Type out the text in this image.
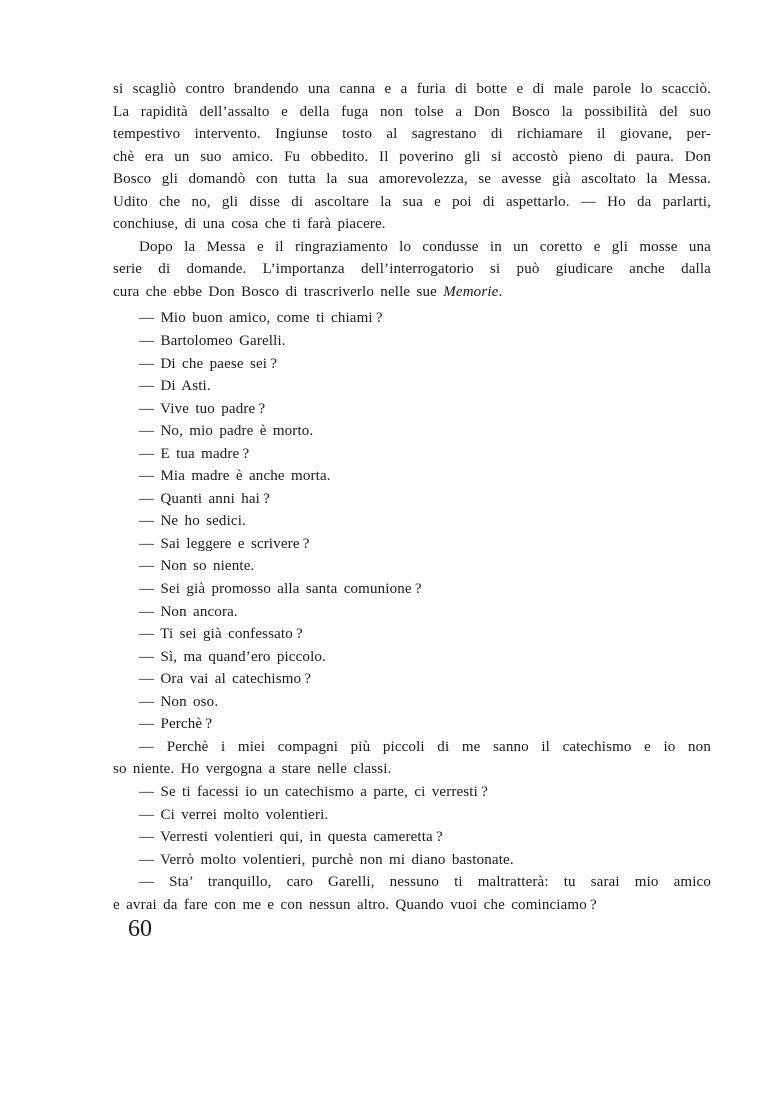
si scagliò contro brandendo una canna e a furia di botte e di male parole lo scacciò.
La rapidità dell’assalto e della fuga non tolse a Don Bosco la possibilità del suo
tempestivo intervento. Ingiunse tosto al sagrestano di richiamare il giovane, per-
chè era un suo amico. Fu obbedito. Il poverino gli si accostò pieno di paura. Don
Bosco gli domandò con tutta la sua amorevolezza, se avesse già ascoltato la Messa.
Udito che no, gli disse di ascoltare la sua e poi di aspettarlo. — Ho da parlarti,
conchiuse, di una cosa che ti farà piacere.
Dopo la Messa e il ringraziamento lo condusse in un coretto e gli mosse una
serie di domande. L’importanza dell’interrogatorio si può giudicare anche dalla
cura che ebbe Don Bosco di trascriverlo nelle sue Memorie.
— Mio buon amico, come ti chiami ?
— Bartolomeo Garelli.
— Di che paese sei ?
— Di Asti.
— Vive tuo padre ?
— No, mio padre è morto.
— E tua madre ?
— Mia madre è anche morta.
— Quanti anni hai ?
— Ne ho sedici.
— Sai leggere e scrivere ?
— Non so niente.
— Sei già promosso alla santa comunione ?
— Non ancora.
— Ti sei già confessato ?
— Sì, ma quand’ero piccolo.
— Ora vai al catechismo ?
— Non oso.
— Perchè ?
— Perchè i miei compagni più piccoli di me sanno il catechismo e io non
so niente. Ho vergogna a stare nelle classi.
— Se ti facessi io un catechismo a parte, ci verresti ?
— Ci verrei molto volentieri.
— Verresti volentieri qui, in questa cameretta ?
— Verrò molto volentieri, purchè non mi diano bastonate.
— Sta’ tranquillo, caro Garelli, nessuno ti maltratterà: tu sarai mio amico
e avrai da fare con me e con nessun altro. Quando vuoi che cominciamo ?
60
